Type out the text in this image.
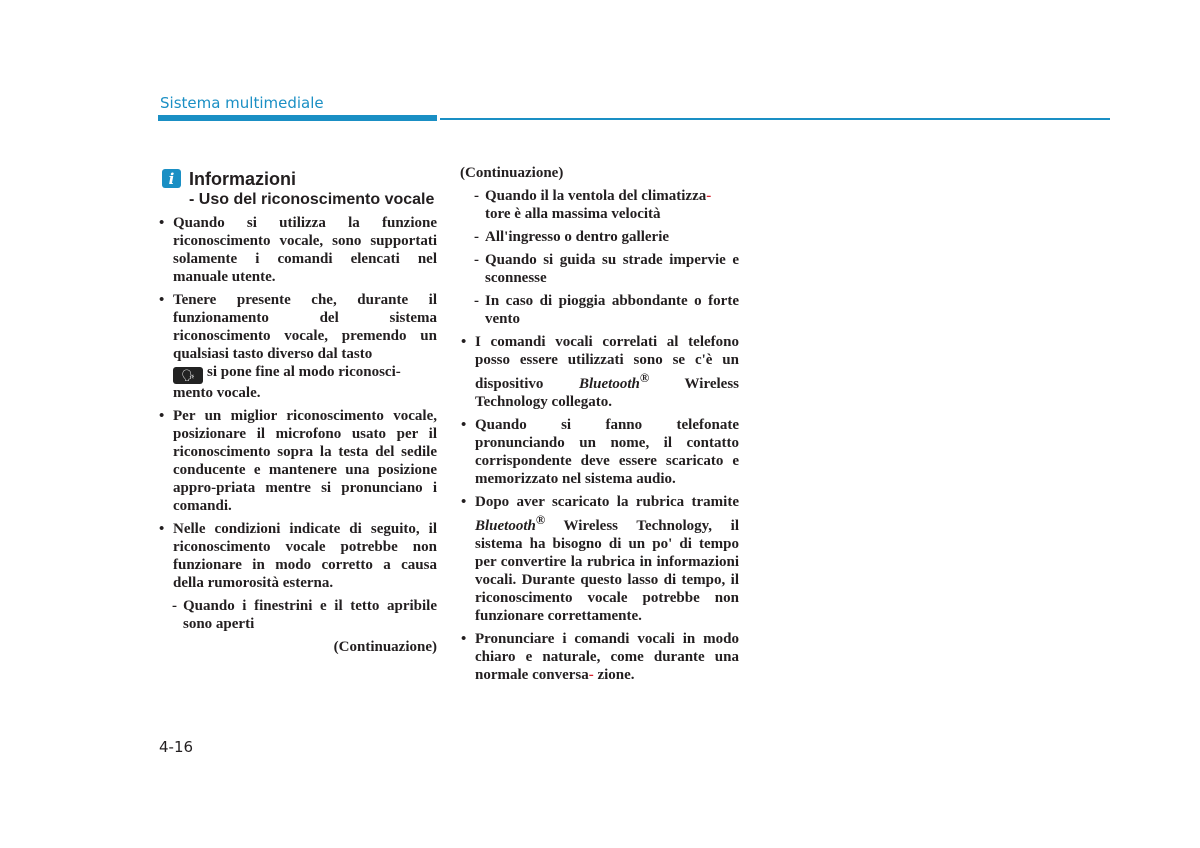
Sistema multimediale
i Informazioni
- Uso del riconoscimento vocale
• Quando si utilizza la funzione riconoscimento vocale, sono supportati solamente i comandi elencati nel manuale utente.
• Tenere presente che, durante il funzionamento del sistema riconoscimento vocale, premendo un qualsiasi tasto diverso dal tasto
🗣 si pone fine al modo riconosci-
mento vocale.
• Per un miglior riconoscimento vocale, posizionare il microfono usato per il riconoscimento sopra la testa del sedile conducente e mantenere una posizione appro-priata mentre si pronunciano i comandi.
• Nelle condizioni indicate di seguito, il riconoscimento vocale potrebbe non funzionare in modo corretto a causa della rumorosità esterna.
- Quando i finestrini e il tetto apribile sono aperti
(Continuazione)
(Continuazione)
- Quando il la ventola del climatizza-
tore è alla massima velocità
- All'ingresso o dentro gallerie
- Quando si guida su strade impervie e sconnesse
- In caso di pioggia abbondante o forte vento
• I comandi vocali correlati al telefono posso essere utilizzati sono se c'è un dispositivo Bluetooth® Wireless Technology collegato.
• Quando si fanno telefonate pronunciando un nome, il contatto corrispondente deve essere scaricato e memorizzato nel sistema audio.
• Dopo aver scaricato la rubrica tramite Bluetooth® Wireless Technology, il sistema ha bisogno di un po' di tempo per convertire la rubrica in informazioni vocali. Durante questo lasso di tempo, il riconoscimento vocale potrebbe non funzionare correttamente.
• Pronunciare i comandi vocali in modo chiaro e naturale, come durante una normale conversa- zione.
4-16
